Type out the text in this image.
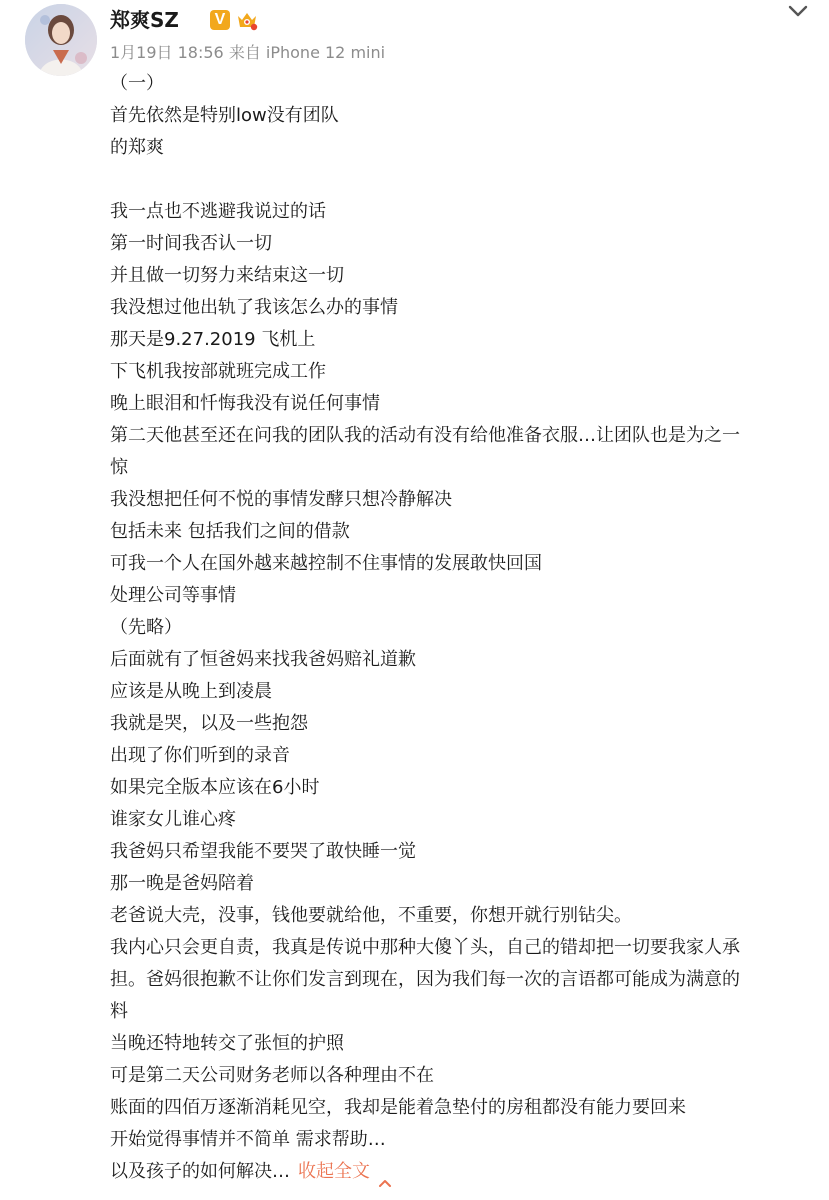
郑爽SZ V
1月19日 18:56 来自 iPhone 12 mini
（一）
首先依然是特别low没有团队
的郑爽
我一点也不逃避我说过的话
第一时间我否认一切
并且做一切努力来结束这一切
我没想过他出轨了我该怎么办的事情
那天是9.27.2019 飞机上
下飞机我按部就班完成工作
晚上眼泪和忏悔我没有说任何事情
第二天他甚至还在问我的团队我的活动有没有给他准备衣服…让团队也是为之一
惊
我没想把任何不悦的事情发酵只想冷静解决
包括未来 包括我们之间的借款
可我一个人在国外越来越控制不住事情的发展敢快回国
处理公司等事情
（先略）
后面就有了恒爸妈来找我爸妈赔礼道歉
应该是从晚上到凌晨
我就是哭，以及一些抱怨
出现了你们听到的录音
如果完全版本应该在6小时
谁家女儿谁心疼
我爸妈只希望我能不要哭了敢快睡一觉
那一晚是爸妈陪着
老爸说大壳，没事，钱他要就给他，不重要，你想开就行别钻尖。
我内心只会更自责，我真是传说中那种大傻丫头，自己的错却把一切要我家人承
担。爸妈很抱歉不让你们发言到现在，因为我们每一次的言语都可能成为满意的
料
当晚还特地转交了张恒的护照
可是第二天公司财务老师以各种理由不在
账面的四佰万逐渐消耗见空，我却是能着急垫付的房租都没有能力要回来
开始觉得事情并不简单 需求帮助…
以及孩子的如何解决… 收起全文
